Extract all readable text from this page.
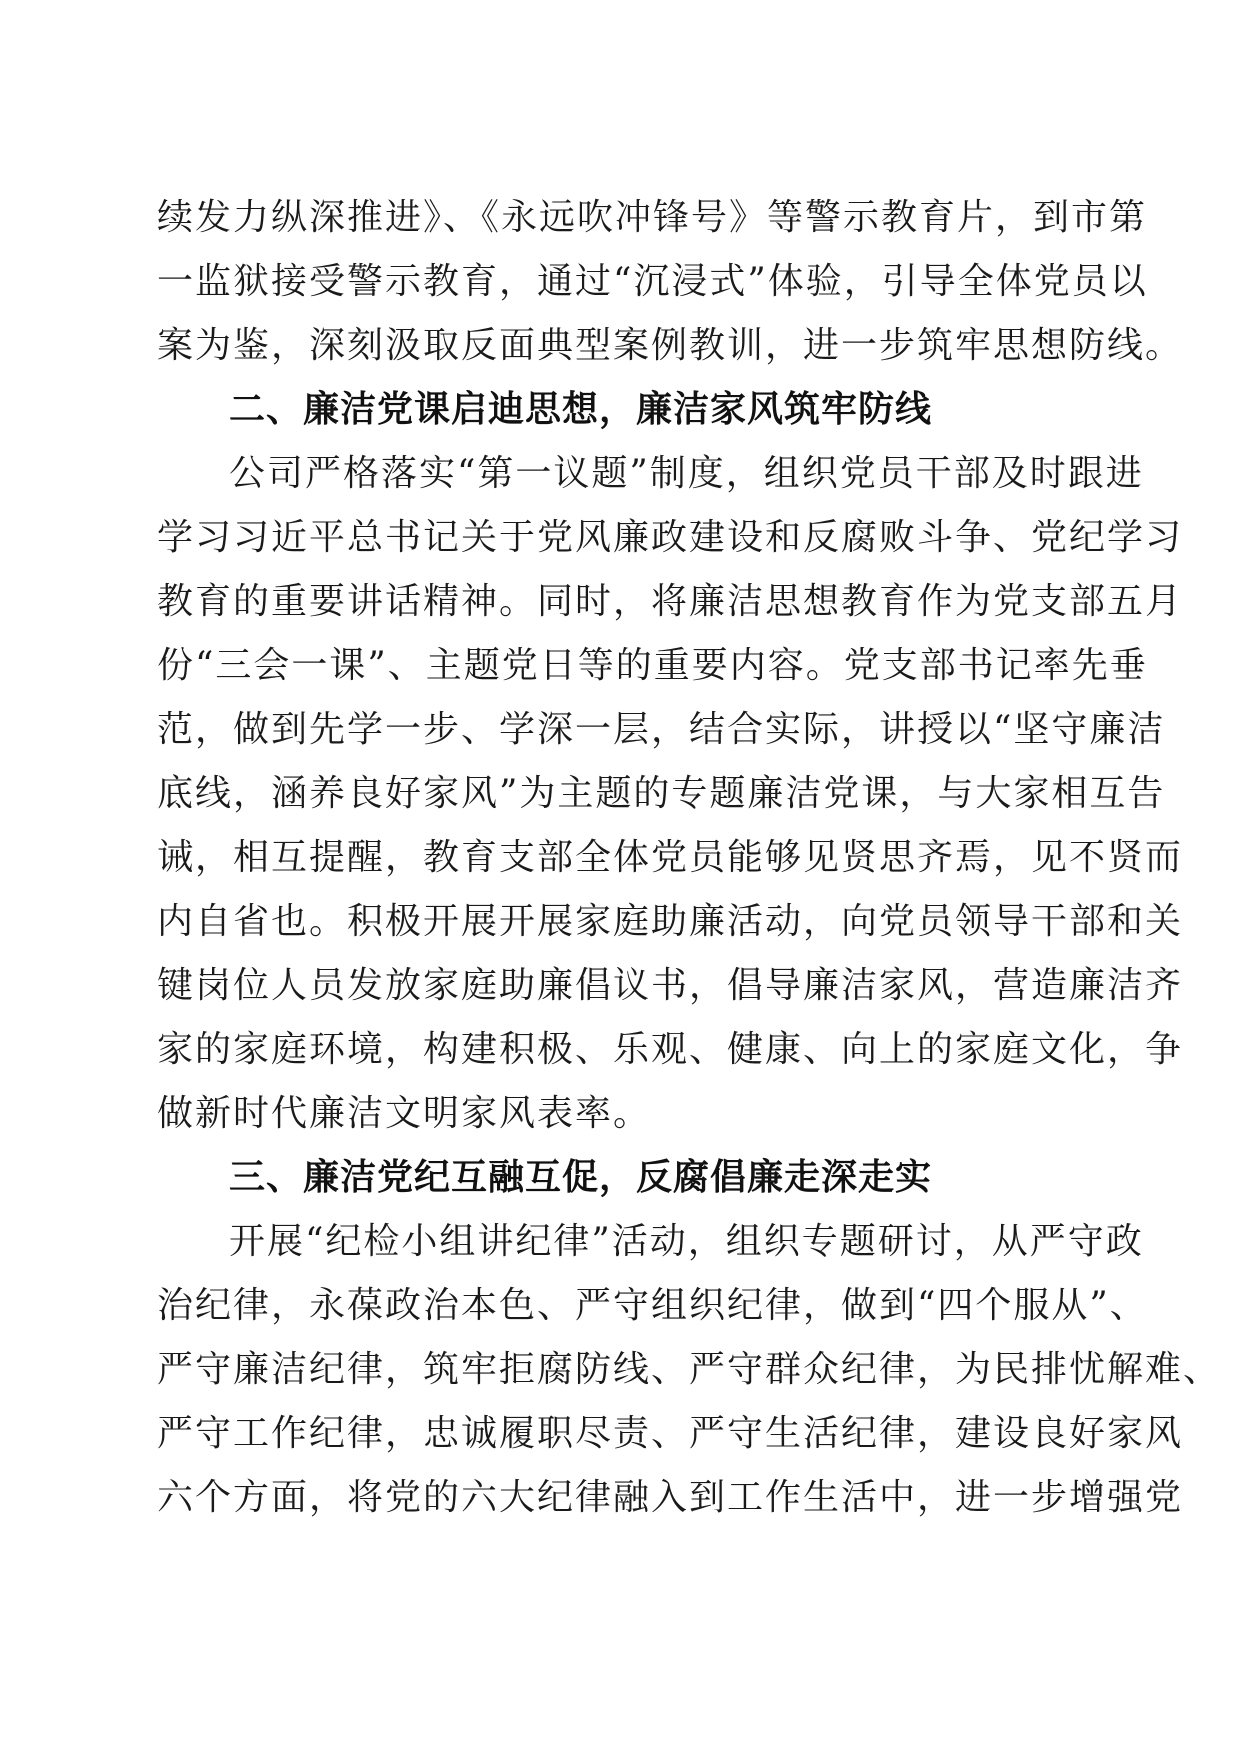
续发力纵深推进》、《永远吹冲锋号》等警示教育片，到市第
一监狱接受警示教育，通过“沉浸式”体验，引导全体党员以
案为鉴，深刻汲取反面典型案例教训，进一步筑牢思想防线。
二、廉洁党课启迪思想，廉洁家风筑牢防线
公司严格落实“第一议题”制度，组织党员干部及时跟进
学习习近平总书记关于党风廉政建设和反腐败斗争、党纪学习
教育的重要讲话精神。同时，将廉洁思想教育作为党支部五月
份“三会一课”、主题党日等的重要内容。党支部书记率先垂
范，做到先学一步、学深一层，结合实际，讲授以“坚守廉洁
底线，涵养良好家风”为主题的专题廉洁党课，与大家相互告
诫，相互提醒，教育支部全体党员能够见贤思齐焉，见不贤而
内自省也。积极开展开展家庭助廉活动，向党员领导干部和关
键岗位人员发放家庭助廉倡议书，倡导廉洁家风，营造廉洁齐
家的家庭环境，构建积极、乐观、健康、向上的家庭文化，争
做新时代廉洁文明家风表率。
三、廉洁党纪互融互促，反腐倡廉走深走实
开展“纪检小组讲纪律”活动，组织专题研讨，从严守政
治纪律，永葆政治本色、严守组织纪律，做到“四个服从”、
严守廉洁纪律，筑牢拒腐防线、严守群众纪律，为民排忧解难、
严守工作纪律，忠诚履职尽责、严守生活纪律，建设良好家风
六个方面，将党的六大纪律融入到工作生活中，进一步增强党
